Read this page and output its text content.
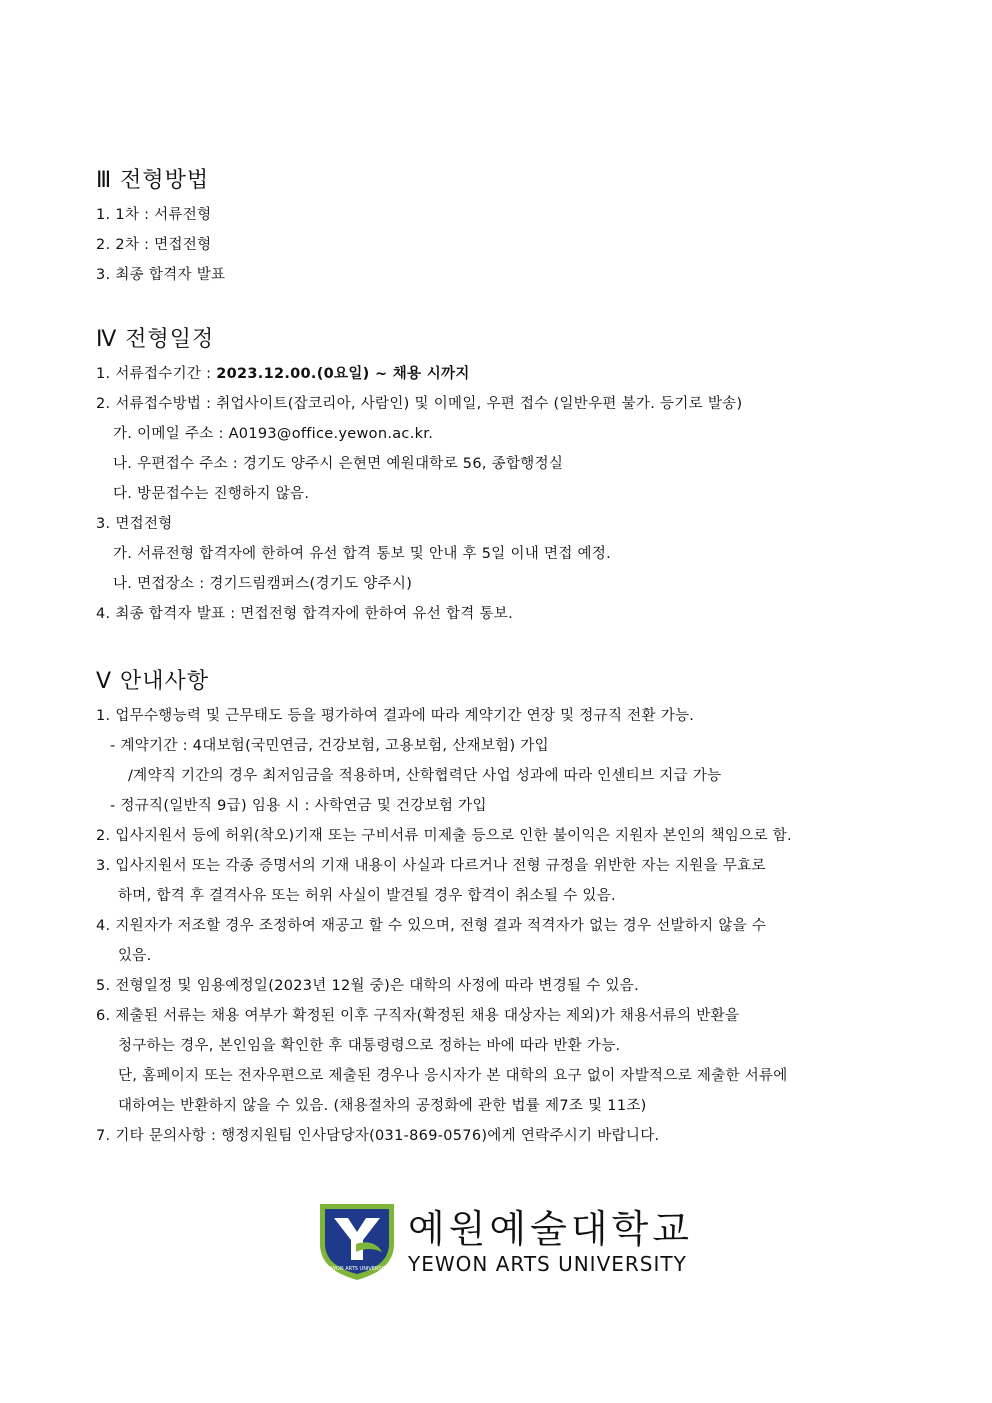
Ⅲ 전형방법
1. 1차 : 서류전형
2. 2차 : 면접전형
3. 최종 합격자 발표
Ⅳ 전형일정
1. 서류접수기간 : 2023.12.00.(0요일) ~ 채용 시까지
2. 서류접수방법 : 취업사이트(잡코리아, 사람인) 및 이메일, 우편 접수 (일반우편 불가. 등기로 발송)
가. 이메일 주소 : A0193@office.yewon.ac.kr.
나. 우편접수 주소 : 경기도 양주시 은현면 예원대학로 56, 종합행정실
다. 방문접수는 진행하지 않음.
3. 면접전형
가. 서류전형 합격자에 한하여 유선 합격 통보 및 안내 후 5일 이내 면접 예정.
나. 면접장소 : 경기드림캠퍼스(경기도 양주시)
4. 최종 합격자 발표 : 면접전형 합격자에 한하여 유선 합격 통보.
Ⅴ 안내사항
1. 업무수행능력 및 근무태도 등을 평가하여 결과에 따라 계약기간 연장 및 정규직 전환 가능.
- 계약기간 : 4대보험(국민연금, 건강보험, 고용보험, 산재보험) 가입
/계약직 기간의 경우 최저임금을 적용하며, 산학협력단 사업 성과에 따라 인센티브 지급 가능
- 정규직(일반직 9급) 임용 시 : 사학연금 및 건강보험 가입
2. 입사지원서 등에 허위(착오)기재 또는 구비서류 미제출 등으로 인한 불이익은 지원자 본인의 책임으로 함.
3. 입사지원서 또는 각종 증명서의 기재 내용이 사실과 다르거나 전형 규정을 위반한 자는 지원을 무효로
하며, 합격 후 결격사유 또는 허위 사실이 발견될 경우 합격이 취소될 수 있음.
4. 지원자가 저조할 경우 조정하여 재공고 할 수 있으며, 전형 결과 적격자가 없는 경우 선발하지 않을 수
있음.
5. 전형일정 및 임용예정일(2023년 12월 중)은 대학의 사정에 따라 변경될 수 있음.
6. 제출된 서류는 채용 여부가 확정된 이후 구직자(확정된 채용 대상자는 제외)가 채용서류의 반환을
청구하는 경우, 본인임을 확인한 후 대통령령으로 정하는 바에 따라 반환 가능.
단, 홈페이지 또는 전자우편으로 제출된 경우나 응시자가 본 대학의 요구 없이 자발적으로 제출한 서류에
대하여는 반환하지 않을 수 있음. (채용절차의 공정화에 관한 법률 제7조 및 11조)
7. 기타 문의사항 : 행정지원팀 인사담당자(031-869-0576)에게 연락주시기 바랍니다.
YEWON ARTS UNIVERSITY
예원예술대학교
YEWON ARTS UNIVERSITY
